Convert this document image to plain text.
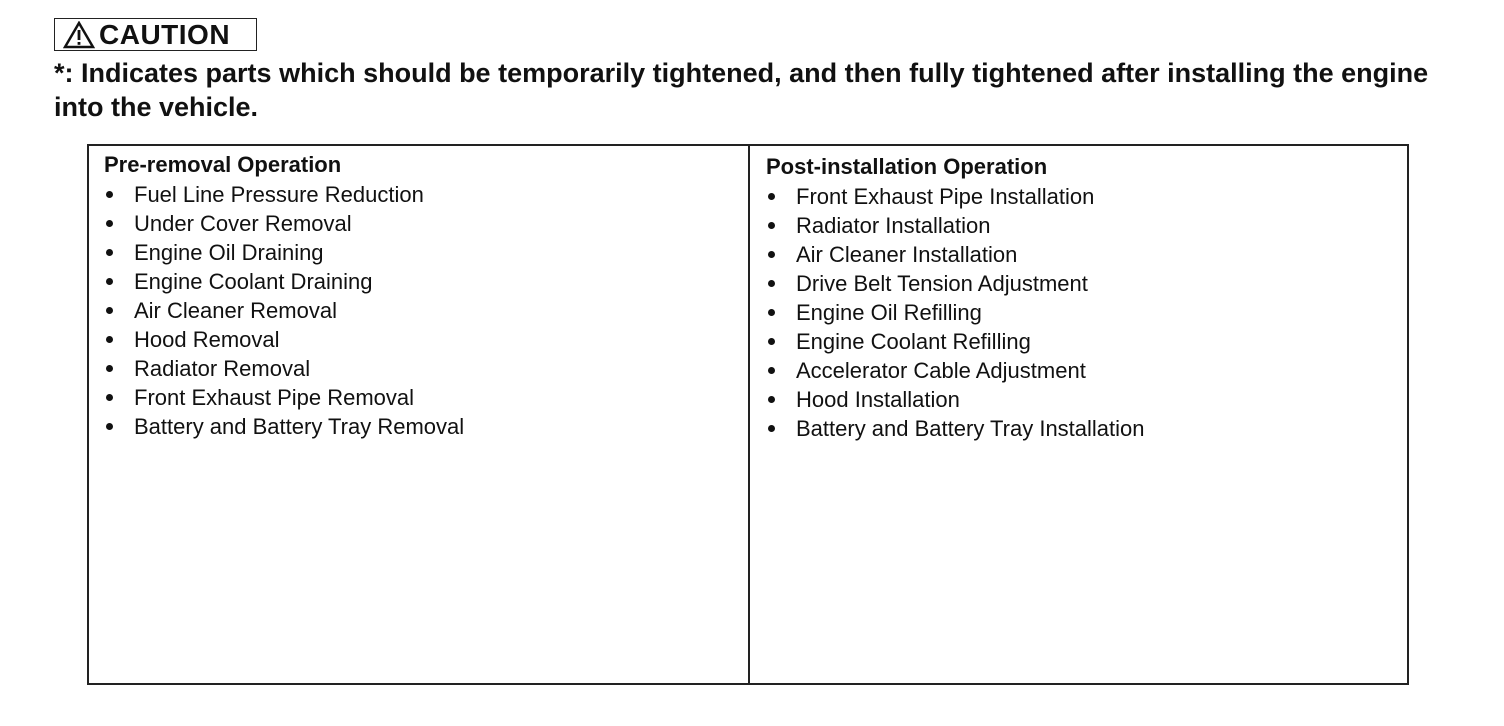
CAUTION

*: Indicates parts which should be temporarily tightened, and then fully tightened after installing the engine into the vehicle.

Pre-removal Operation
Fuel Line Pressure Reduction
Under Cover Removal
Engine Oil Draining
Engine Coolant Draining
Air Cleaner Removal
Hood Removal
Radiator Removal
Front Exhaust Pipe Removal
Battery and Battery Tray Removal
Post-installation Operation
Front Exhaust Pipe Installation
Radiator Installation
Air Cleaner Installation
Drive Belt Tension Adjustment
Engine Oil Refilling
Engine Coolant Refilling
Accelerator Cable Adjustment
Hood Installation
Battery and Battery Tray Installation
